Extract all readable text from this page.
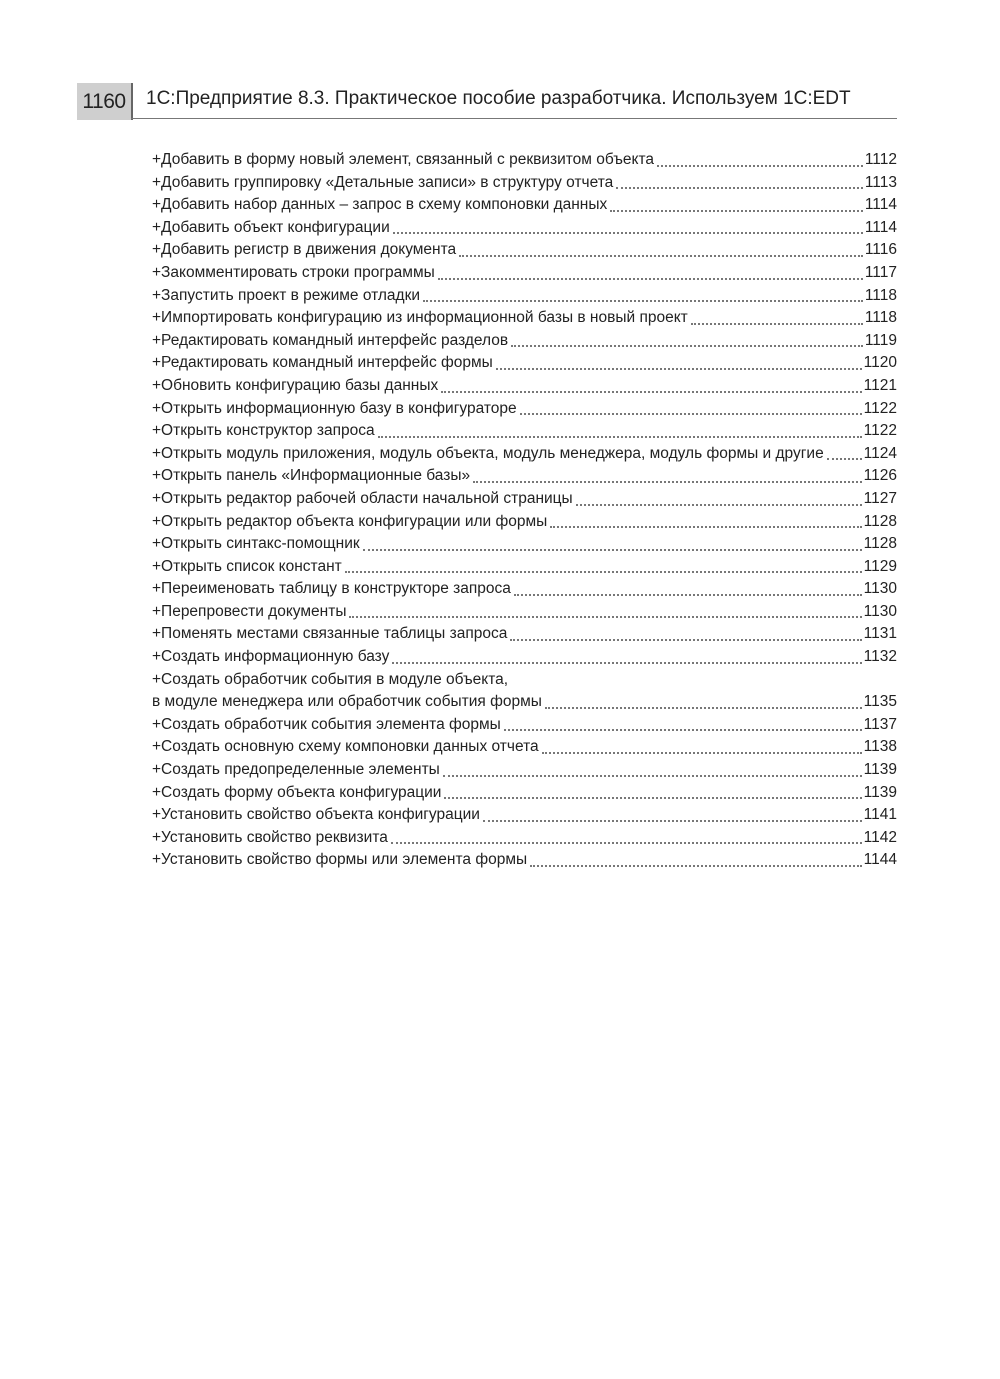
1160	1С:Предприятие 8.3. Практическое пособие разработчика. Используем 1С:EDT
+Добавить в форму новый элемент, связанный с реквизитом объекта	1112
+Добавить группировку «Детальные записи» в структуру отчета	1113
+Добавить набор данных – запрос в схему компоновки данных	1114
+Добавить объект конфигурации	1114
+Добавить регистр в движения документа	1116
+Закомментировать строки программы	1117
+Запустить проект в режиме отладки	1118
+Импортировать конфигурацию из информационной базы в новый проект	1118
+Редактировать командный интерфейс разделов	1119
+Редактировать командный интерфейс формы	1120
+Обновить конфигурацию базы данных	1121
+Открыть информационную базу в конфигураторе	1122
+Открыть конструктор запроса	1122
+Открыть модуль приложения, модуль объекта, модуль менеджера, модуль формы и другие	1124
+Открыть панель «Информационные базы»	1126
+Открыть редактор рабочей области начальной страницы	1127
+Открыть редактор объекта конфигурации или формы	1128
+Открыть синтакс-помощник	1128
+Открыть список констант	1129
+Переименовать таблицу в конструкторе запроса	1130
+Перепровести документы	1130
+Поменять местами связанные таблицы запроса	1131
+Создать информационную базу	1132
+Создать обработчик события в модуле объекта,
в модуле менеджера или обработчик события формы	1135
+Создать обработчик события элемента формы	1137
+Создать основную схему компоновки данных отчета	1138
+Создать предопределенные элементы	1139
+Создать форму объекта конфигурации	1139
+Установить свойство объекта конфигурации	1141
+Установить свойство реквизита	1142
+Установить свойство формы или элемента формы	1144
